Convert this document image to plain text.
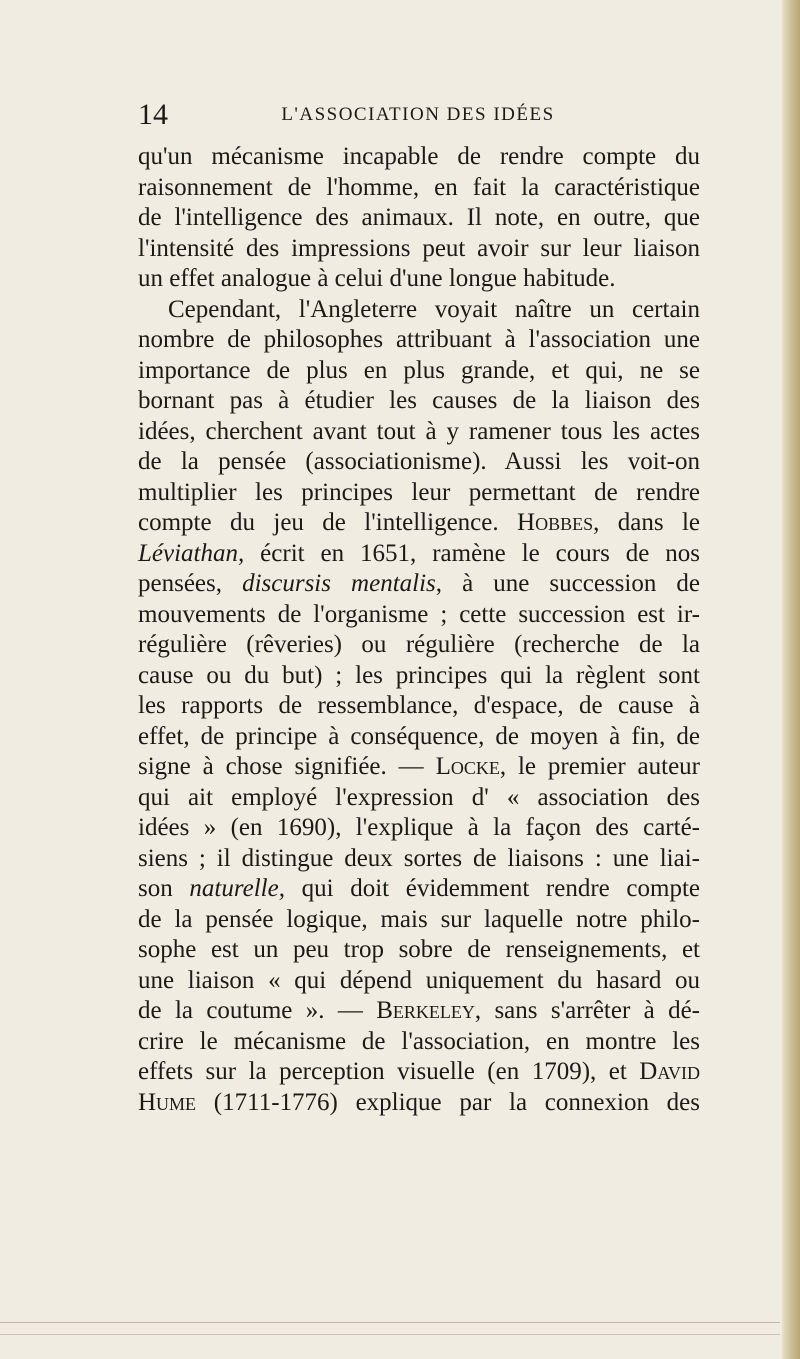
14	L'ASSOCIATION DES IDÉES
qu'un mécanisme incapable de rendre compte du
raisonnement de l'homme, en fait la caractéristique
de l'intelligence des animaux. Il note, en outre, que
l'intensité des impressions peut avoir sur leur liaison
un effet analogue à celui d'une longue habitude.
Cependant, l'Angleterre voyait naître un certain
nombre de philosophes attribuant à l'association une
importance de plus en plus grande, et qui, ne se
bornant pas à étudier les causes de la liaison des
idées, cherchent avant tout à y ramener tous les actes
de la pensée (associationisme). Aussi les voit-on
multiplier les principes leur permettant de rendre
compte du jeu de l'intelligence. Hobbes, dans le
Léviathan, écrit en 1651, ramène le cours de nos
pensées, discursis mentalis, à une succession de
mouvements de l'organisme ; cette succession est ir-
régulière (rêveries) ou régulière (recherche de la
cause ou du but) ; les principes qui la règlent sont
les rapports de ressemblance, d'espace, de cause à
effet, de principe à conséquence, de moyen à fin, de
signe à chose signifiée. — Locke, le premier auteur
qui ait employé l'expression d' « association des
idées » (en 1690), l'explique à la façon des carté-
siens ; il distingue deux sortes de liaisons : une liai-
son naturelle, qui doit évidemment rendre compte
de la pensée logique, mais sur laquelle notre philo-
sophe est un peu trop sobre de renseignements, et
une liaison « qui dépend uniquement du hasard ou
de la coutume ». — Berkeley, sans s'arrêter à dé-
crire le mécanisme de l'association, en montre les
effets sur la perception visuelle (en 1709), et David
Hume (1711-1776) explique par la connexion des
